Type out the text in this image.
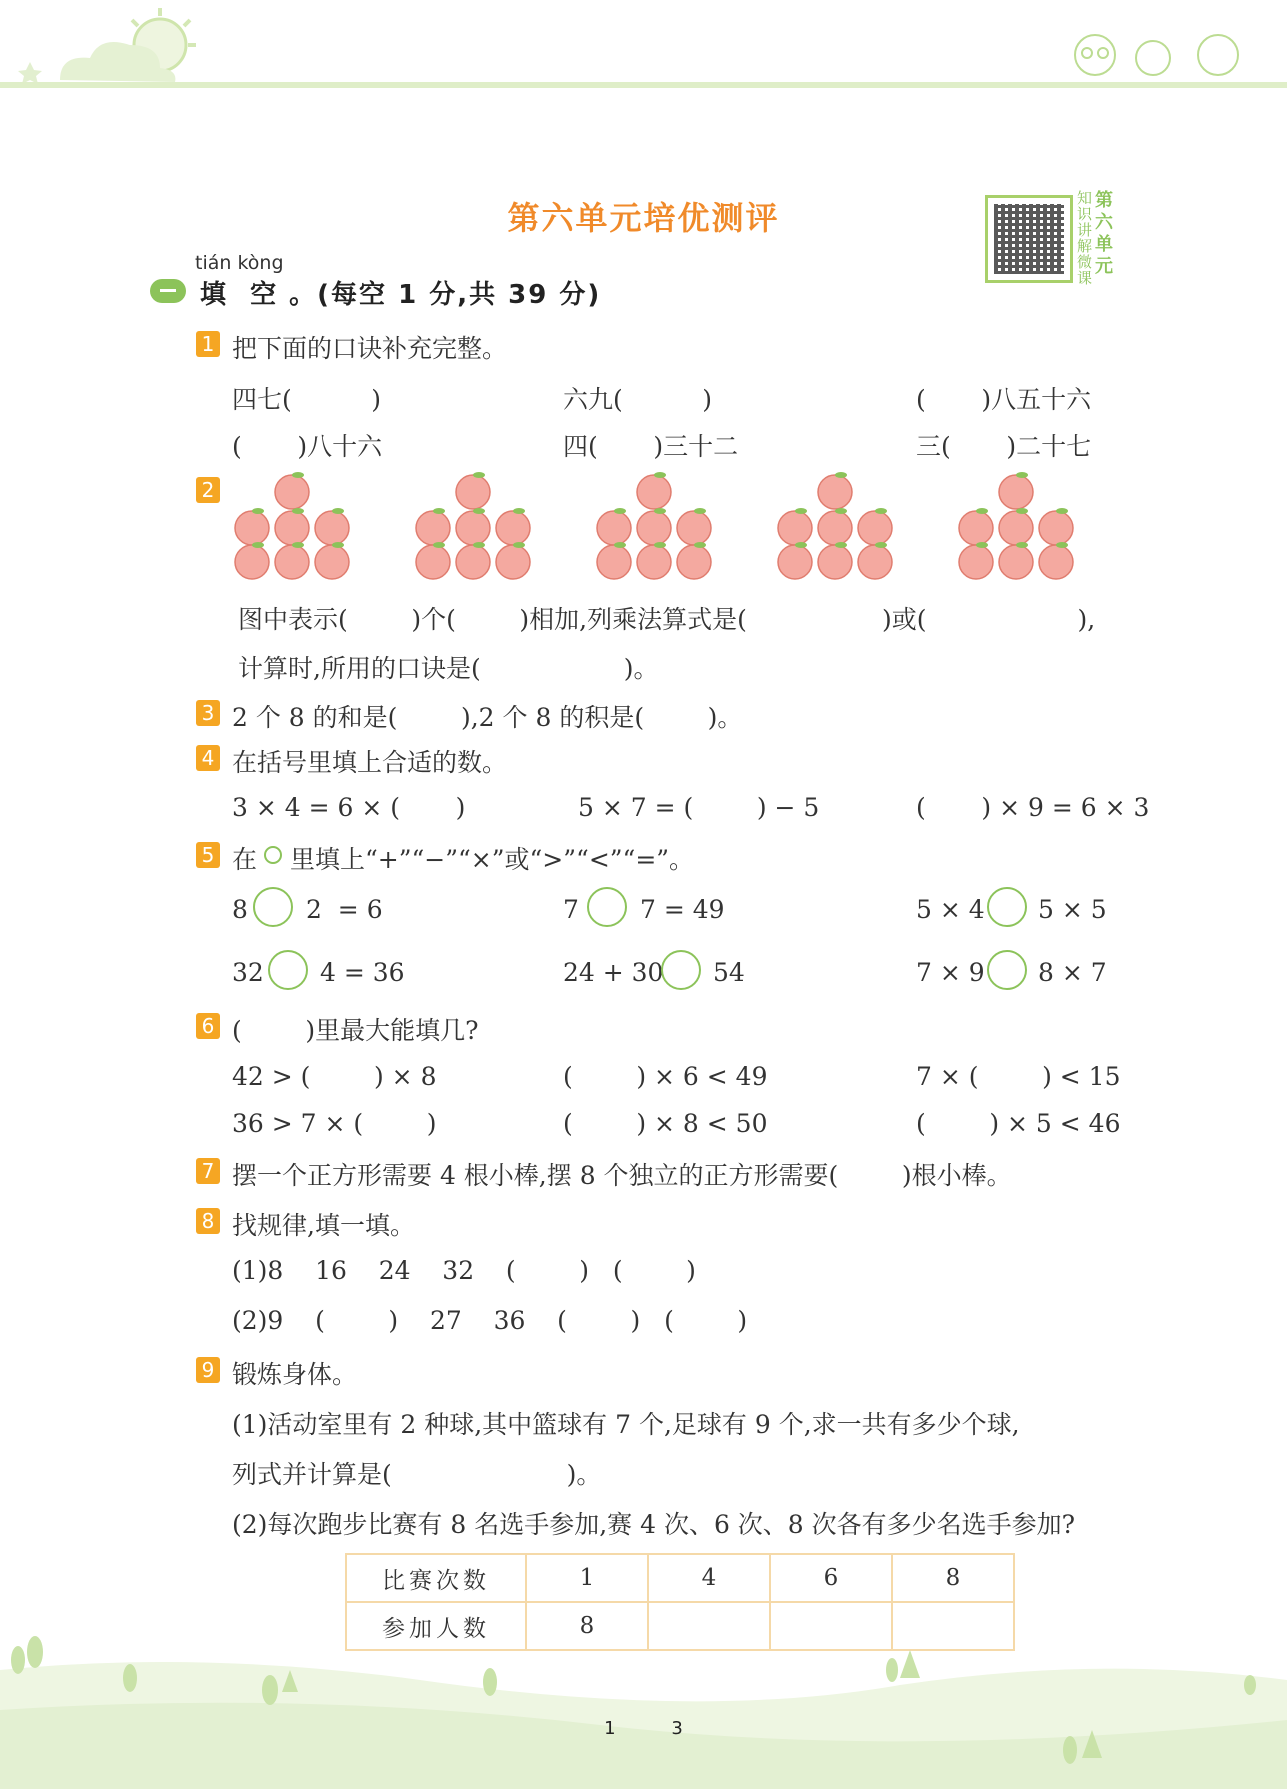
第六单元培优测评
知识讲解微课
第六单元
tián kòng
填  空 。(每空 1 分,共 39 分)
1 把下面的口诀补充完整。
四七(          )	六九(          )	(       )八五十六
(       )八十六	四(       )三十二	三(       )二十七
2
图中表示(        )个(        )相加,列乘法算式是(                 )或(                   ),
计算时,所用的口诀是(                  )。
3 2 个 8 的和是(        ),2 个 8 的积是(        )。
4 在括号里填上合适的数。
3 × 4 = 6 × (       )	5 × 7 = (        ) − 5	(       ) × 9 = 6 × 3
5 在 里填上“+”“−”“×”或“>”“<”“=”。
8 2  = 6	7 7 = 49	5 × 4 5 × 5
32 4 = 36	24 + 30 54	7 × 9 8 × 7
6 (        )里最大能填几?
42 > (        ) × 8	(        ) × 6 < 49	7 × (        ) < 15
36 > 7 × (        )	(        ) × 8 < 50	(        ) × 5 < 46
7 摆一个正方形需要 4 根小棒,摆 8 个独立的正方形需要(        )根小棒。
8 找规律,填一填。
(1)8    16    24    32    (        )   (        )
(2)9    (        )    27    36    (        )   (        )
9 锻炼身体。
(1)活动室里有 2 种球,其中篮球有 7 个,足球有 9 个,求一共有多少个球,
列式并计算是(                      )。
(2)每次跑步比赛有 8 名选手参加,赛 4 次、6 次、8 次各有多少名选手参加?
比赛次数	1	4	6	8
参加人数	8			
1 3
